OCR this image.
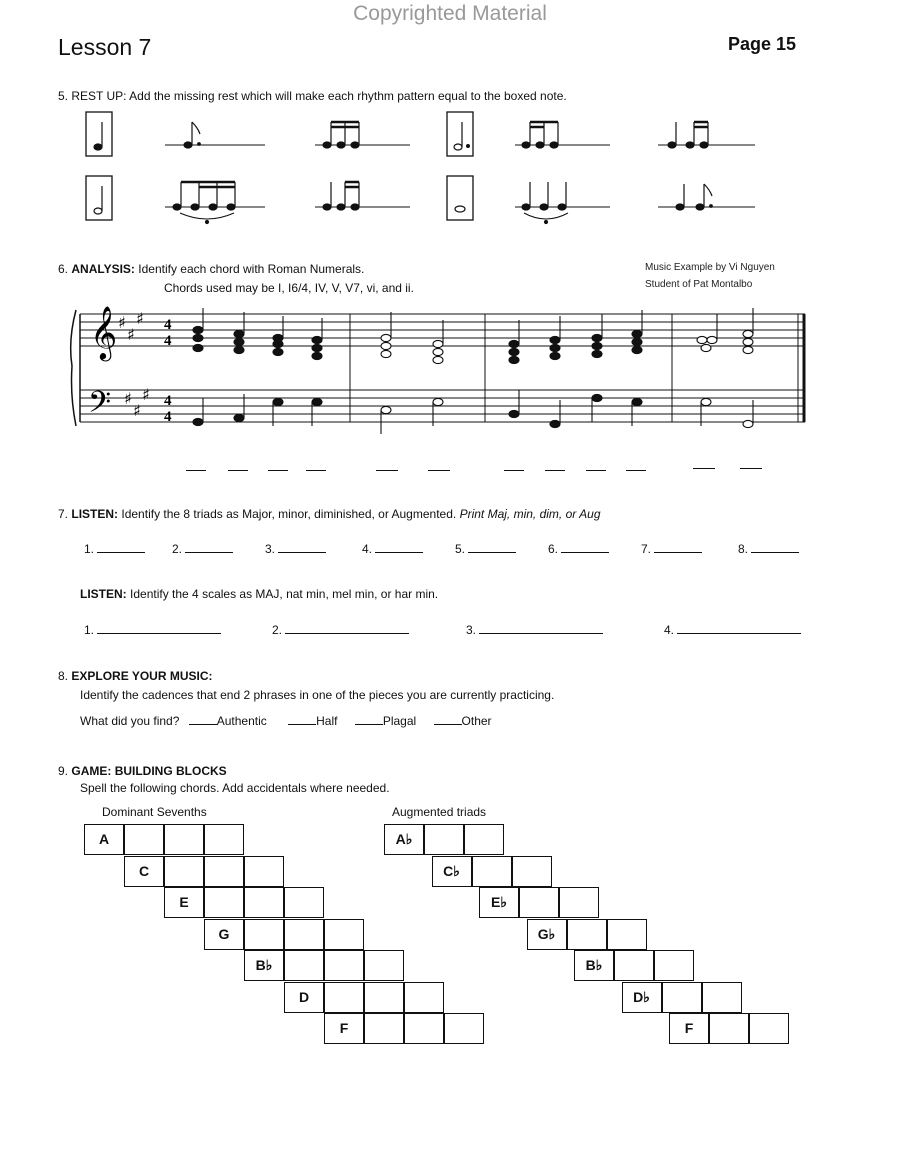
Copyrighted Material
Lesson 7	Page 15
5. REST UP: Add the missing rest which will make each rhythm pattern equal to the boxed note.
6. ANALYSIS: Identify each chord with Roman Numerals.
Chords used may be I, I6/4, IV, V, V7, vi, and ii.
Music Example by Vi Nguyen
Student of Pat Montalbo
𝄞
𝄢
♯
♯
♯
♯
♯
♯
4
4
4
4
7. LISTEN: Identify the 8 triads as Major, minor, diminished, or Augmented. Print Maj, min, dim, or Aug
1.	2.	3.	4.	5.	6.	7.	8.
LISTEN: Identify the 4 scales as MAJ, nat min, mel min, or har min.
1.	2.	3.	4.
8. EXPLORE YOUR MUSIC:
Identify the cadences that end 2 phrases in one of the pieces you are currently practicing.
What did you find?	Authentic	Half	Plagal	Other
9. GAME: BUILDING BLOCKS
Spell the following chords. Add accidentals where needed.
Dominant Sevenths	Augmented triads
A
C
E
G
B♭
D
F
A♭
C♭
E♭
G♭
B♭
D♭
F
